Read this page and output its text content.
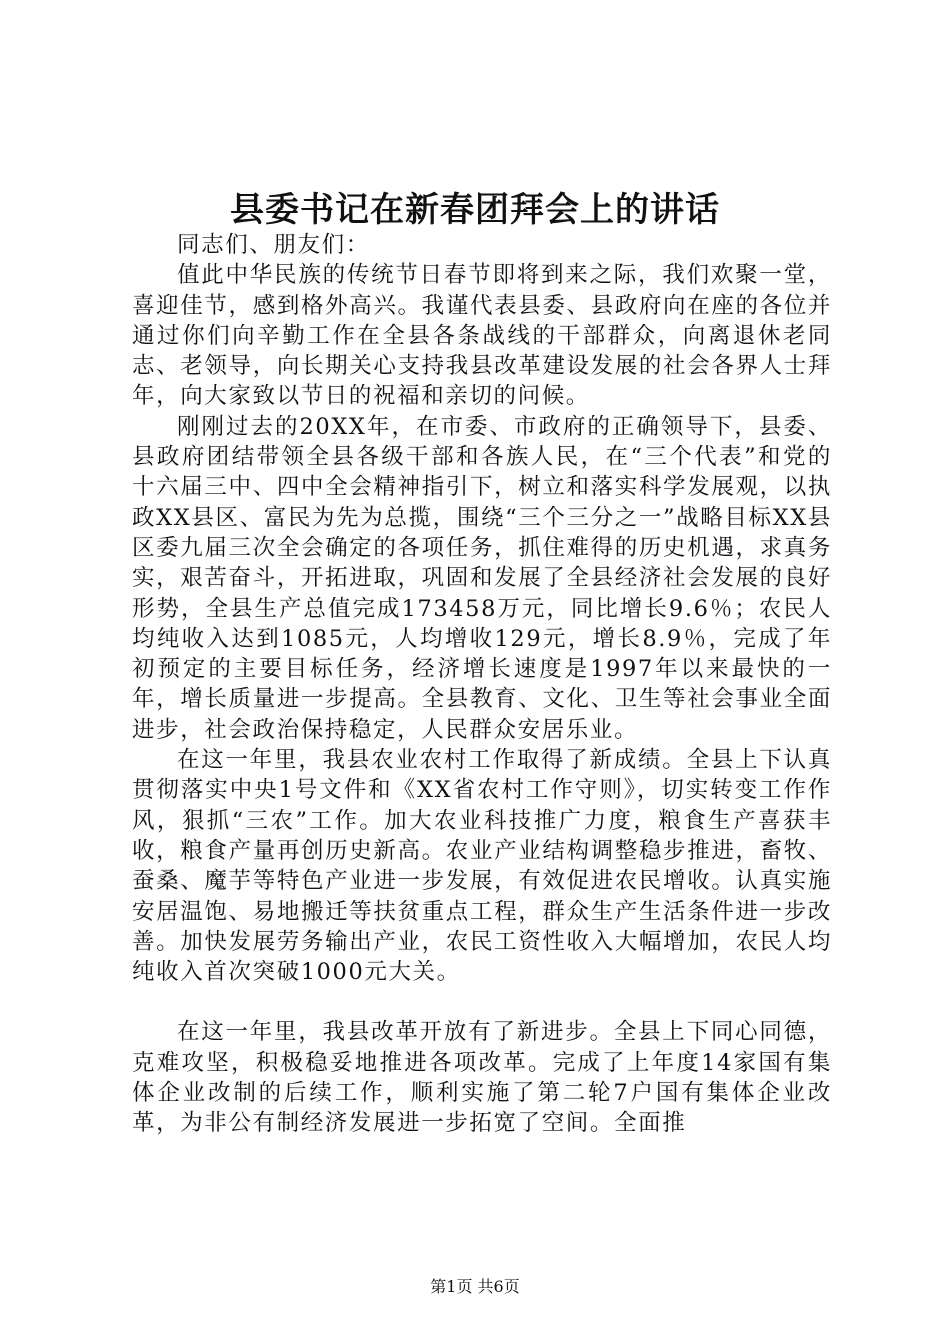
县委书记在新春团拜会上的讲话

同志们、朋友们：

值此中华民族的传统节日春节即将到来之际，我们欢聚一堂，喜迎佳节，感到格外高兴。我谨代表县委、县政府向在座的各位并通过你们向辛勤工作在全县各条战线的干部群众，向离退休老同志、老领导，向长期关心支持我县改革建设发展的社会各界人士拜年，向大家致以节日的祝福和亲切的问候。

刚刚过去的20XX年，在市委、市政府的正确领导下，县委、县政府团结带领全县各级干部和各族人民，在“三个代表”和党的十六届三中、四中全会精神指引下，树立和落实科学发展观，以执政XX县区、富民为先为总揽，围绕“三个三分之一”战略目标XX县区委九届三次全会确定的各项任务，抓住难得的历史机遇，求真务实，艰苦奋斗，开拓进取，巩固和发展了全县经济社会发展的良好形势，全县生产总值完成173458万元，同比增长9.6％；农民人均纯收入达到1085元，人均增收129元，增长8.9％，完成了年初预定的主要目标任务，经济增长速度是1997年以来最快的一年，增长质量进一步提高。全县教育、文化、卫生等社会事业全面进步，社会政治保持稳定，人民群众安居乐业。

在这一年里，我县农业农村工作取得了新成绩。全县上下认真贯彻落实中央1号文件和《XX省农村工作守则》，切实转变工作作风，狠抓“三农”工作。加大农业科技推广力度，粮食生产喜获丰收，粮食产量再创历史新高。农业产业结构调整稳步推进，畜牧、蚕桑、魔芋等特色产业进一步发展，有效促进农民增收。认真实施安居温饱、易地搬迁等扶贫重点工程，群众生产生活条件进一步改善。加快发展劳务输出产业，农民工资性收入大幅增加，农民人均纯收入首次突破1000元大关。

在这一年里，我县改革开放有了新进步。全县上下同心同德，克难攻坚，积极稳妥地推进各项改革。完成了上年度14家国有集体企业改制的后续工作，顺利实施了第二轮7户国有集体企业改革，为非公有制经济发展进一步拓宽了空间。全面推

第1页 共6页
